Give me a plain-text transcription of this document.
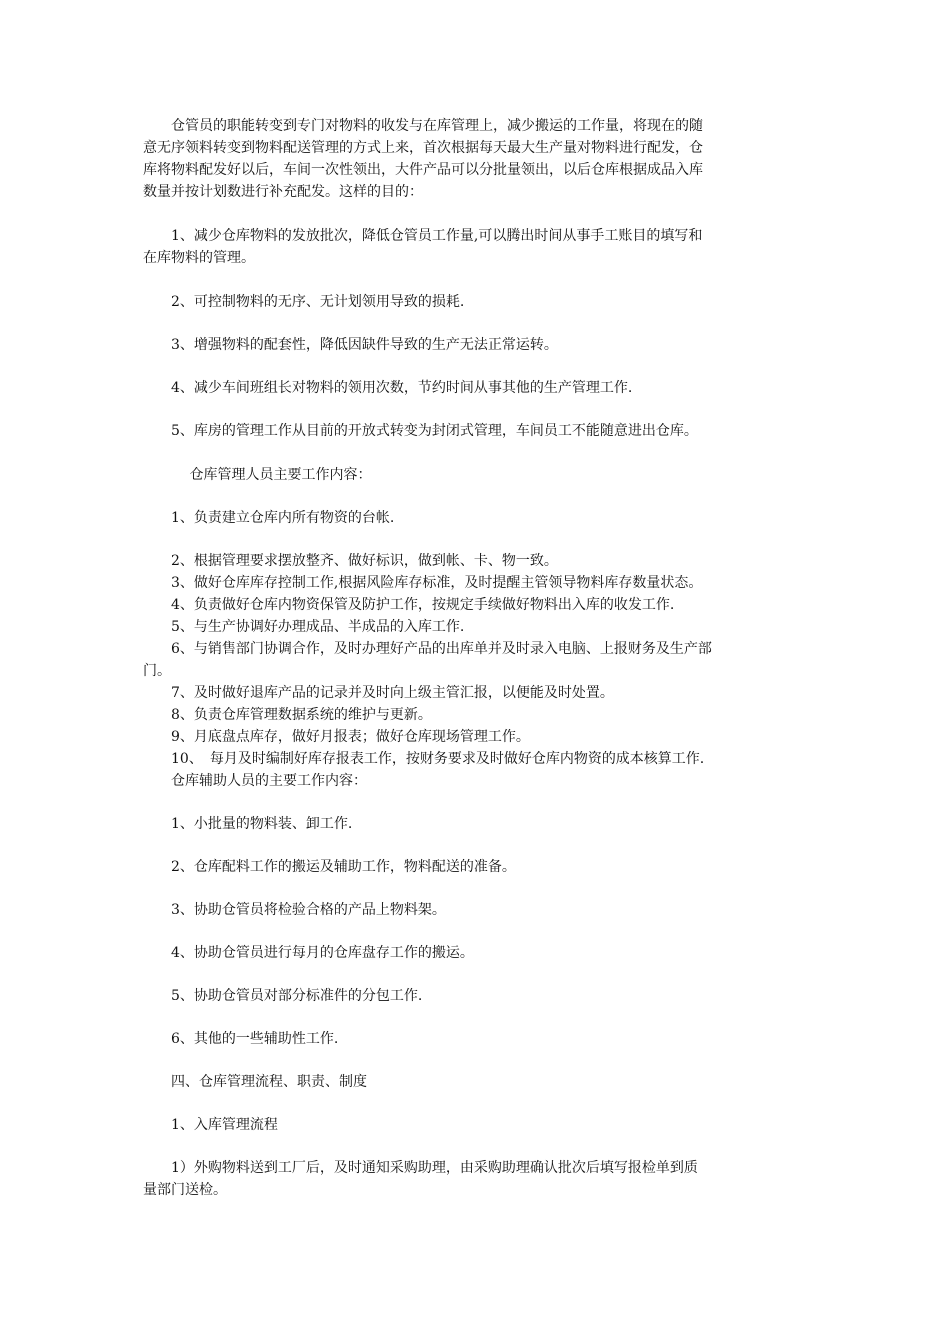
　　仓管员的职能转变到专门对物料的收发与在库管理上，减少搬运的工作量，将现在的随
意无序领料转变到物料配送管理的方式上来，首次根据每天最大生产量对物料进行配发，仓
库将物料配发好以后，车间一次性领出，大件产品可以分批量领出，以后仓库根据成品入库
数量并按计划数进行补充配发。这样的目的：
　　1、减少仓库物料的发放批次，降低仓管员工作量,可以腾出时间从事手工账目的填写和
在库物料的管理。
　　2、可控制物料的无序、无计划领用导致的损耗.
　　3、增强物料的配套性，降低因缺件导致的生产无法正常运转。
　　4、减少车间班组长对物料的领用次数，节约时间从事其他的生产管理工作.
　　5、库房的管理工作从目前的开放式转变为封闭式管理，车间员工不能随意进出仓库。
　　　 仓库管理人员主要工作内容：
　　1、负责建立仓库内所有物资的台帐.
　　2、根据管理要求摆放整齐、做好标识，做到帐、卡、物一致。
　　3、做好仓库库存控制工作,根据风险库存标准，及时提醒主管领导物料库存数量状态。
　　4、负责做好仓库内物资保管及防护工作，按规定手续做好物料出入库的收发工作.
　　5、与生产协调好办理成品、半成品的入库工作.
　　6、与销售部门协调合作，及时办理好产品的出库单并及时录入电脑、上报财务及生产部
门。
　　7、及时做好退库产品的记录并及时向上级主管汇报，以便能及时处置。
　　8、负责仓库管理数据系统的维护与更新。
　　9、月底盘点库存，做好月报表；做好仓库现场管理工作。
　　10、　每月及时编制好库存报表工作，按财务要求及时做好仓库内物资的成本核算工作.
　　仓库辅助人员的主要工作内容：
　　1、小批量的物料装、卸工作.
　　2、仓库配料工作的搬运及辅助工作，物料配送的准备。
　　3、协助仓管员将检验合格的产品上物料架。
　　4、协助仓管员进行每月的仓库盘存工作的搬运。
　　5、协助仓管员对部分标准件的分包工作.
　　6、其他的一些辅助性工作.
　　四、仓库管理流程、职责、制度
　　1、入库管理流程
　　1）外购物料送到工厂后，及时通知采购助理，由采购助理确认批次后填写报检单到质
量部门送检。
